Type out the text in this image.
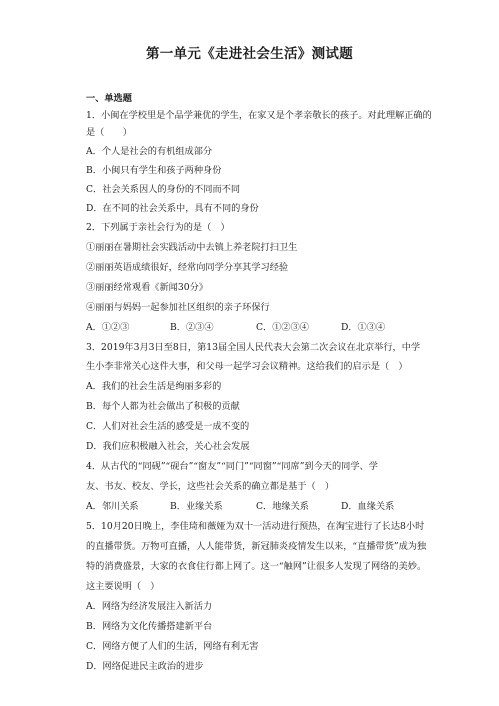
第一单元《走进社会生活》测试题
一、单选题
1．小闽在学校里是个品学兼优的学生，在家又是个孝亲敬长的孩子。对此理解正确的
是（　　）
A．个人是社会的有机组成部分
B．小闽只有学生和孩子两种身份
C．社会关系因人的身份的不同而不同
D．在不同的社会关系中，具有不同的身份
2．下列属于亲社会行为的是（　）
①丽丽在暑期社会实践活动中去镇上养老院打扫卫生
②丽丽英语成绩很好，经常向同学分享其学习经验
③丽丽经常观看《新闻30分》
④丽丽与妈妈一起参加社区组织的亲子环保行
A．①②③	B．②③④	C．①②③④	D．①③④
3．2019年3月3日至8日，第13届全国人民代表大会第二次会议在北京举行，中学
生小李非常关心这件大事，和父母一起学习会议精神。这给我们的启示是（　）
A．我们的社会生活是绚丽多彩的
B．每个人都为社会做出了积极的贡献
C．人们对社会生活的感受是一成不变的
D．我们应积极融入社会，关心社会发展
4．从古代的“同砚”“砚台”“窗友”“同门”“同窗”“同席”到今天的同学、学
友、书友、校友、学长，这些社会关系的确立都是基于（　）
A．邻川关系	B．业缘关系	C．地缘关系	D．血缘关系
5．10月20日晚上，李佳琦和薇娅为双十一活动进行预热，在淘宝进行了长达8小时
的直播带货。万物可直播，人人能带货，新冠肺炎疫情发生以来，“直播带货”成为独
特的消费盛景，大家的衣食住行都上网了。这一“触网”让很多人发现了网络的美妙。
这主要说明（　）
A．网络为经济发展注入新活力
B．网络为文化传播搭建新平台
C．网络方便了人们的生活，网络有利无害
D．网络促进民主政治的进步
